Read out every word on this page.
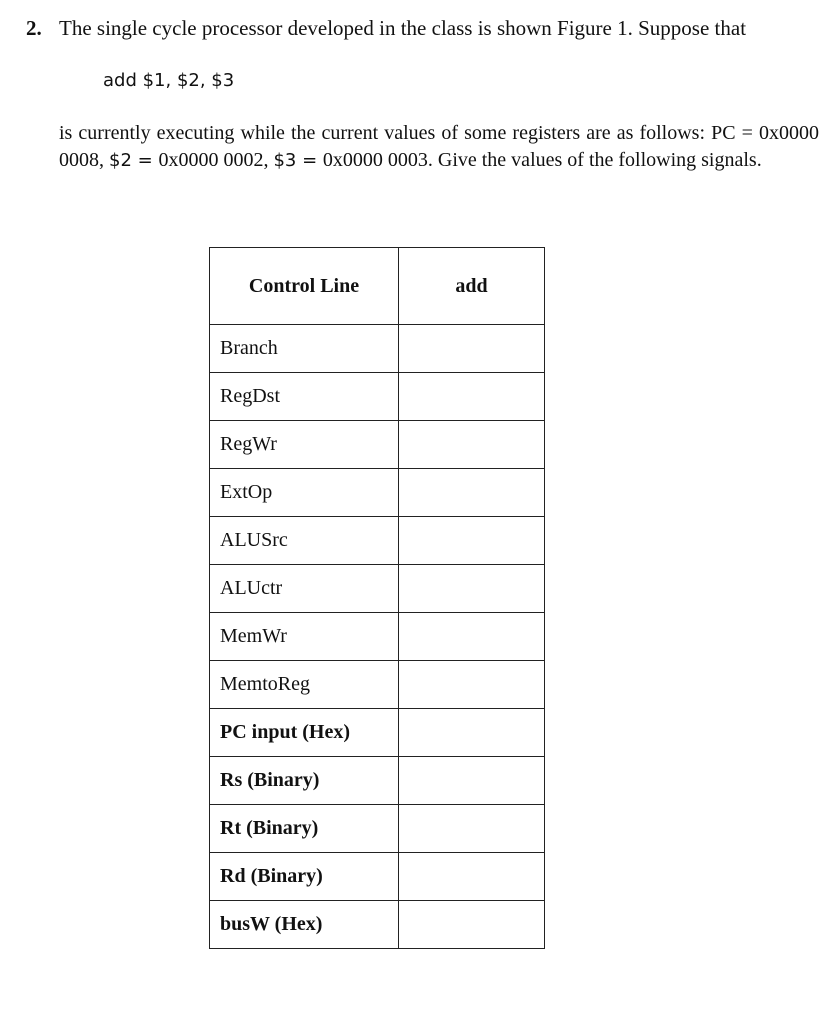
2. The single cycle processor developed in the class is shown Figure 1. Suppose that
add $1, $2, $3
is currently executing while the current values of some registers are as follows: PC = 0x0000 0008, $2 = 0x0000 0002, $3 = 0x0000 0003. Give the values of the following signals.
Control Line	add
Branch	
RegDst	
RegWr	
ExtOp	
ALUSrc	
ALUctr	
MemWr	
MemtoReg	
PC input (Hex)	
Rs (Binary)	
Rt (Binary)	
Rd (Binary)	
busW (Hex)	
